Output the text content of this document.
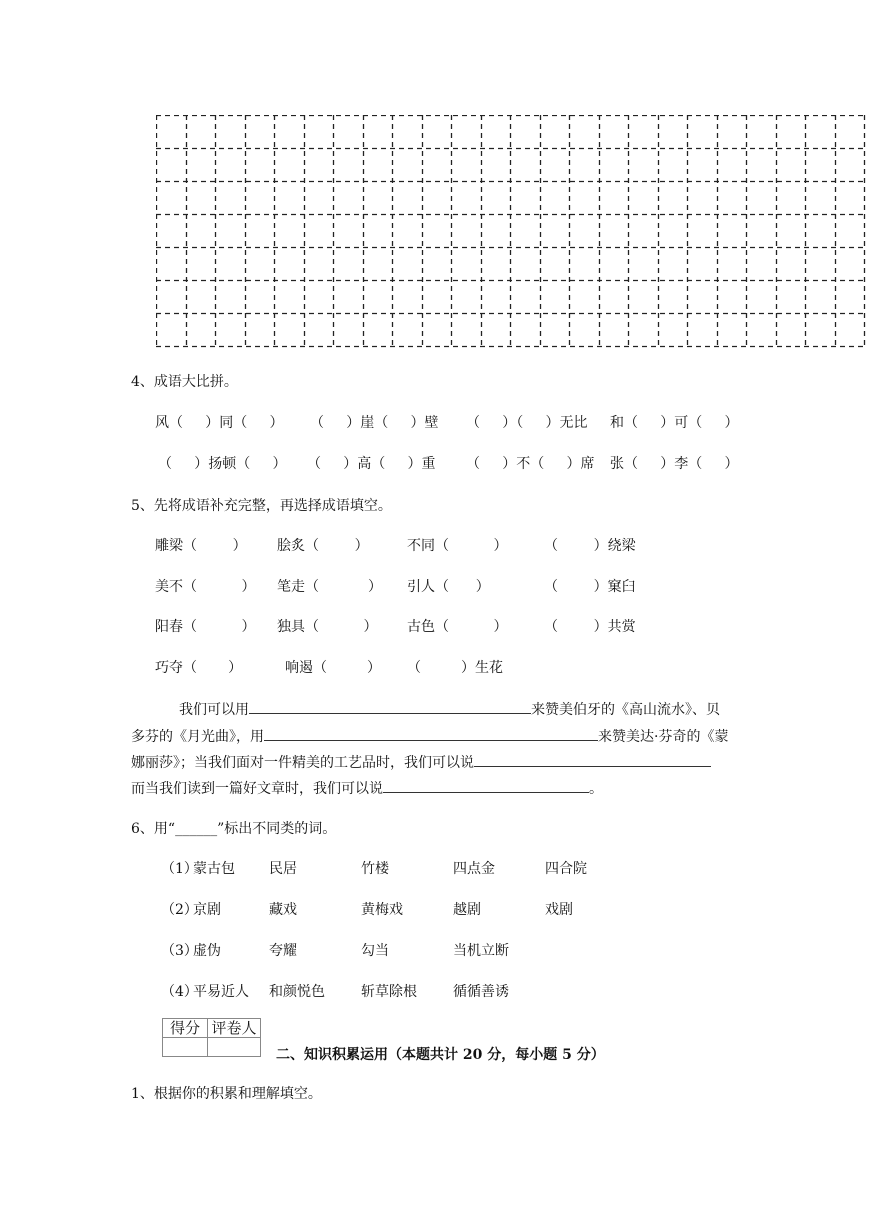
4、成语大比拼。
风（     ）同（     ） （     ）崖（     ）壁 （     ）（     ）无比 和（     ）可（     ）
（     ）扬顿（     ） （     ）高（     ）重 （     ）不（     ）席 张（     ）李（     ）
5、先将成语补充完整，再选择成语填空。
雕梁（        ） 脍炙（        ）	不同（          ）	（        ）绕梁
美不（          ） 笔走（           ） 引人（      ）	（        ）窠臼
阳春（          ） 独具（          ） 古色（          ）	（        ）共赏
巧夺（       ）	响遏（         ） （         ）生花
我们可以用	来赞美伯牙的《高山流水》、贝
多芬的《月光曲》，用	来赞美达·芬奇的《蒙
娜丽莎》；当我们面对一件精美的工艺品时，我们可以说
而当我们读到一篇好文章时，我们可以说	。
6、用“______”标出不同类的词。
（1）
蒙古包 民居	竹楼	四点金	四合院
（2）
京剧	藏戏	黄梅戏	越剧	戏剧
（3）
虚伪	夸耀	勾当	当机立断
（4）
平易近人 和颜悦色	斩草除根	循循善诱
得分	评卷人

二、知识积累运用（本题共计 20 分，每小题 5 分）
1、根据你的积累和理解填空。
